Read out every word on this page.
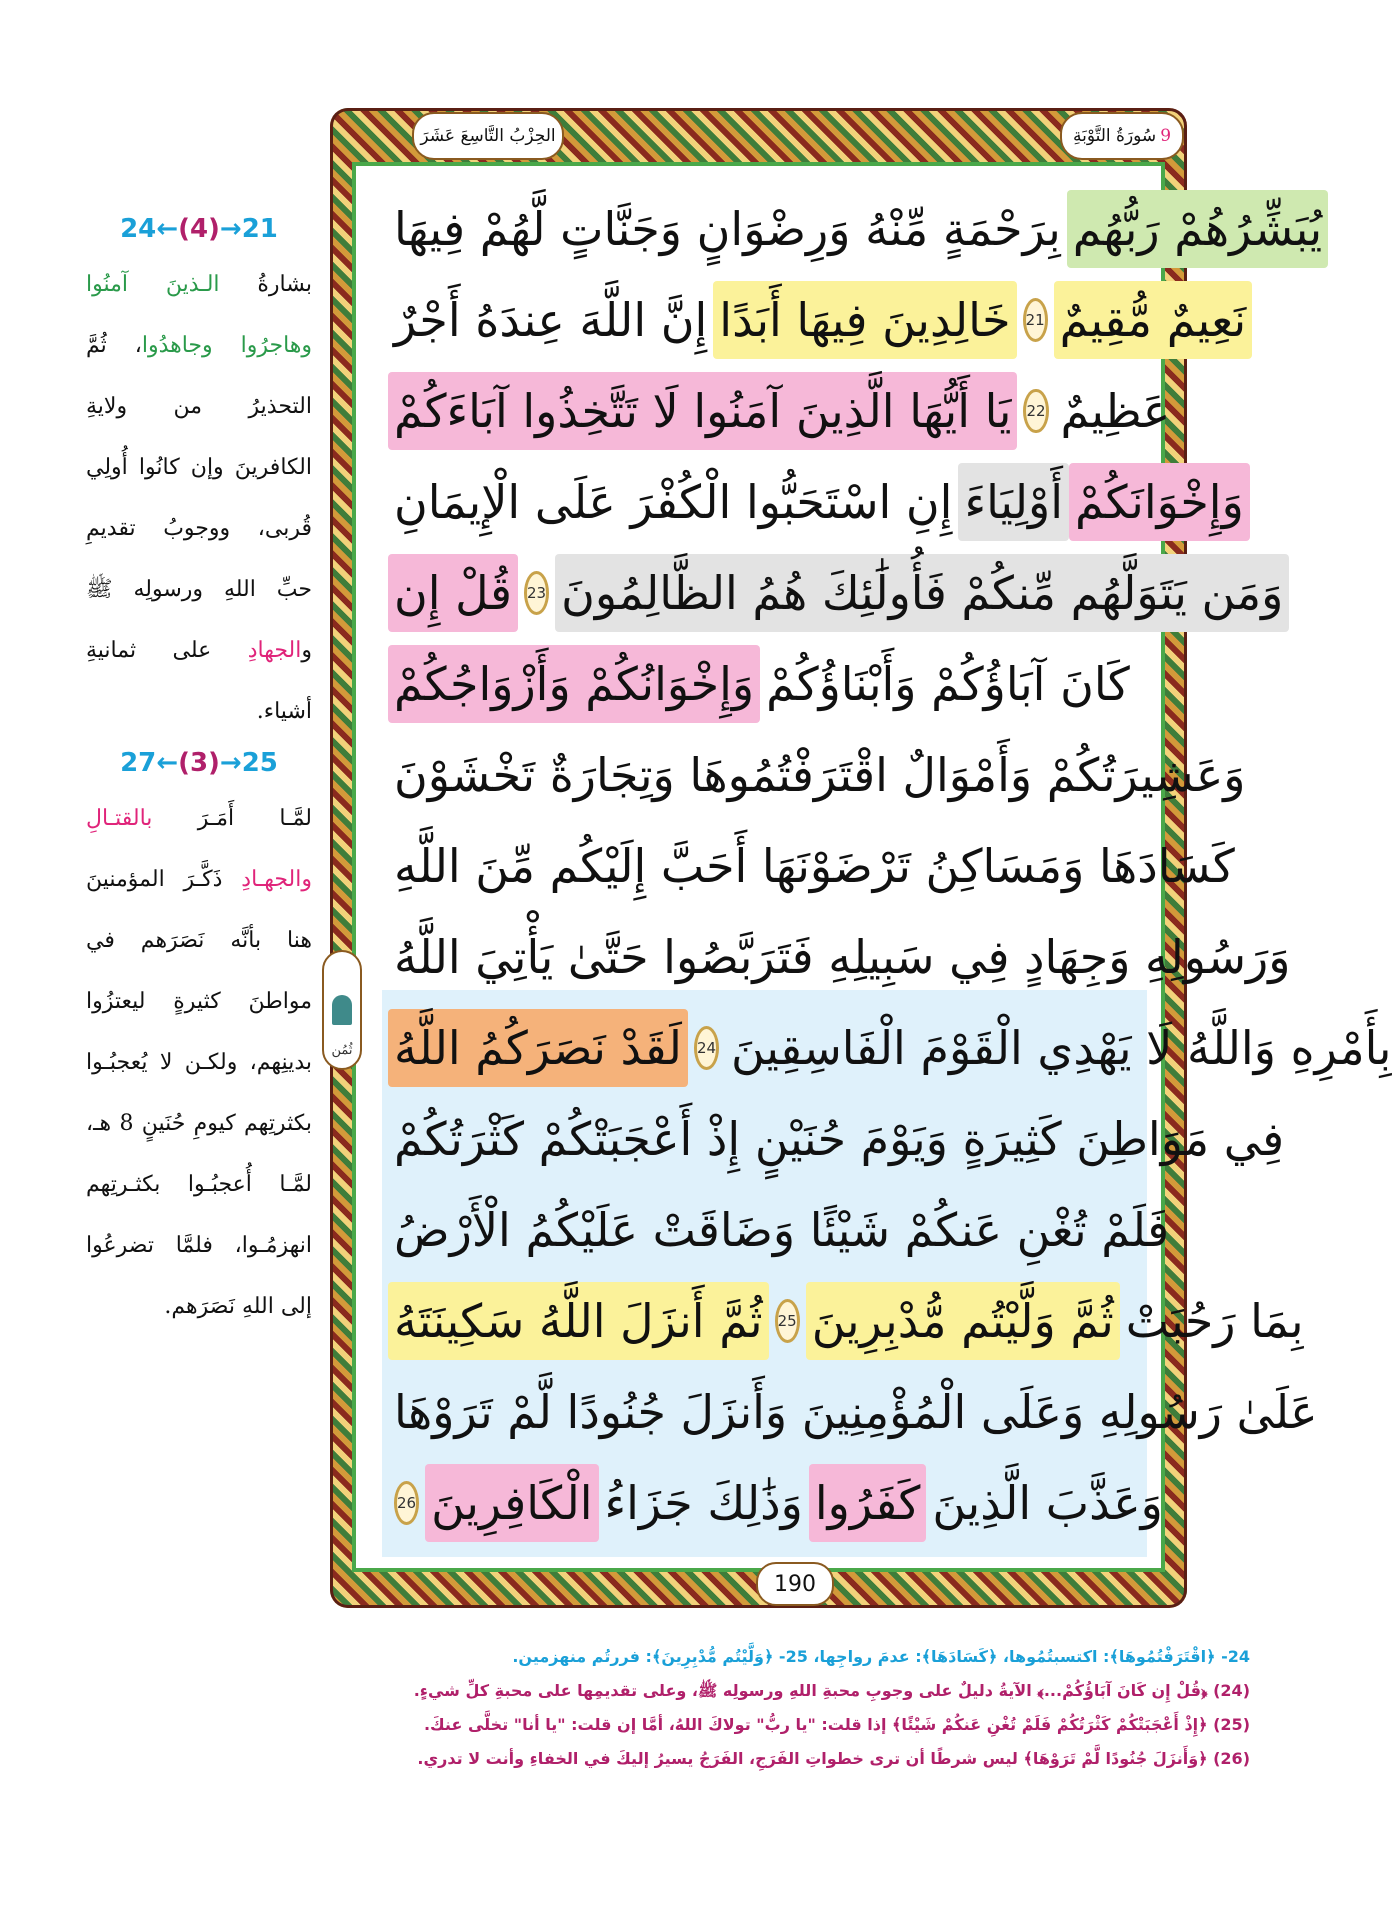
سُورَةُ التَّوْبَةِ 9
الحِزْبُ التَّاسِعَ عَشَرَ
يُبَشِّرُهُمْ رَبُّهُم
بِرَحْمَةٍ مِّنْهُ وَرِضْوَانٍ وَجَنَّاتٍ لَّهُمْ فِيهَا
نَعِيمٌ مُّقِيمٌ
21
خَالِدِينَ فِيهَا أَبَدًا
إِنَّ اللَّهَ عِندَهُ أَجْرٌ
عَظِيمٌ
22
يَا أَيُّهَا الَّذِينَ آمَنُوا لَا تَتَّخِذُوا آبَاءَكُمْ
وَإِخْوَانَكُمْ
أَوْلِيَاءَ
إِنِ اسْتَحَبُّوا الْكُفْرَ عَلَى الْإِيمَانِ
وَمَن يَتَوَلَّهُم مِّنكُمْ فَأُولَٰئِكَ هُمُ الظَّالِمُونَ
23
قُلْ إِن
كَانَ آبَاؤُكُمْ وَأَبْنَاؤُكُمْ
وَإِخْوَانُكُمْ وَأَزْوَاجُكُمْ
وَعَشِيرَتُكُمْ وَأَمْوَالٌ اقْتَرَفْتُمُوهَا وَتِجَارَةٌ تَخْشَوْنَ
كَسَادَهَا وَمَسَاكِنُ تَرْضَوْنَهَا أَحَبَّ إِلَيْكُم مِّنَ اللَّهِ
وَرَسُولِهِ وَجِهَادٍ فِي سَبِيلِهِ فَتَرَبَّصُوا حَتَّىٰ يَأْتِيَ اللَّهُ
بِأَمْرِهِ وَاللَّهُ لَا يَهْدِي الْقَوْمَ الْفَاسِقِينَ
24
لَقَدْ نَصَرَكُمُ اللَّهُ
فِي مَوَاطِنَ كَثِيرَةٍ وَيَوْمَ حُنَيْنٍ إِذْ أَعْجَبَتْكُمْ كَثْرَتُكُمْ
فَلَمْ تُغْنِ عَنكُمْ شَيْئًا وَضَاقَتْ عَلَيْكُمُ الْأَرْضُ
بِمَا رَحُبَتْ
ثُمَّ وَلَّيْتُم مُّدْبِرِينَ
25
ثُمَّ أَنزَلَ اللَّهُ سَكِينَتَهُ
عَلَىٰ رَسُولِهِ وَعَلَى الْمُؤْمِنِينَ وَأَنزَلَ جُنُودًا لَّمْ تَرَوْهَا
وَعَذَّبَ الَّذِينَ
كَفَرُوا
وَذَٰلِكَ جَزَاءُ
الْكَافِرِينَ
26
190
ثُمُن
24←(4)→21

بشارةُ الـذينَ آمنُوا وهاجرُوا وجاهدُوا، ثُمَّ التحذيرُ من ولايةِ الكافرينَ وإن كانُوا أُولِي قُربى، ووجوبُ تقديمِ حبِّ اللهِ ورسولِه ﷺ والجهادِ على ثمانيةِ أشياء.

27←(3)→25

لمَّـا أَمَـرَ بالقتـالِ والجهـادِ ذَكَّـرَ المؤمنينَ هنا بأنَّه نَصَرَهم في مواطنَ كثيرةٍ ليعتزُوا بدينِهم، ولكـن لا يُعجبُـوا بكثرتِهم كيومِ حُنَينٍ 8 هـ، لمَّـا أُعجبُـوا بكثـرتِهم انهزمُـوا، فلمَّا تضرعُوا إلى اللهِ نَصَرَهم.

24- ﴿اقْتَرَفْتُمُوهَا﴾: اكتسبتُمُوها، ﴿كَسَادَهَا﴾: عدمَ رواجِها، 25- ﴿وَلَّيْتُم مُّدْبِرِينَ﴾: فررتُم منهزمين.
(24) ﴿قُلْ إِن كَانَ آبَاؤُكُمْ...﴾ الآيةُ دليلٌ على وجوبِ محبةِ اللهِ ورسولِه ﷺ، وعلى تقديمِها على محبةِ كلِّ شيءٍ.
(25) ﴿إِذْ أَعْجَبَتْكُمْ كَثْرَتُكُمْ فَلَمْ تُغْنِ عَنكُمْ شَيْئًا﴾ إذا قلت: "يا ربُّ" تولاكَ اللهُ، أمَّا إن قلت: "يا أنا" تخلَّى عنكَ.
(26) ﴿وَأَنزَلَ جُنُودًا لَّمْ تَرَوْهَا﴾ ليس شرطًا أن ترى خطواتِ الفَرَجِ، الفَرَجُ يسيرُ إليكَ في الخفاءِ وأنت لا تدري.
